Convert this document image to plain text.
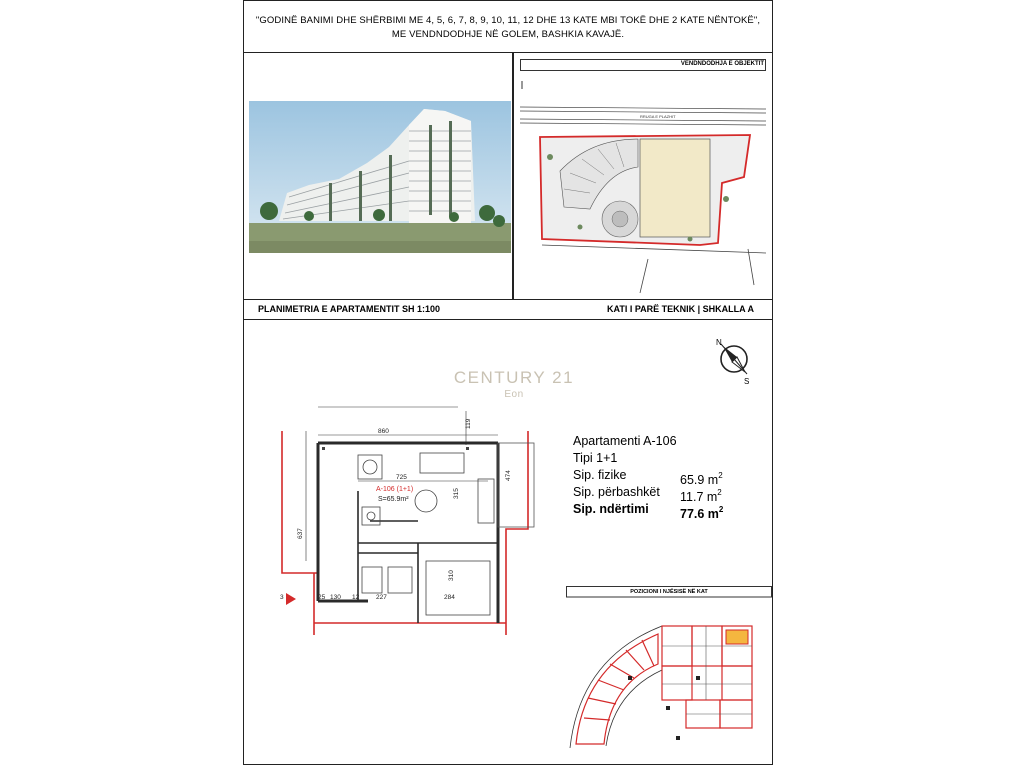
"GODINË BANIMI DHE SHËRBIMI ME 4, 5, 6, 7, 8, 9, 10, 11, 12 DHE 13 KATE MBI TOKË DHE 2 KATE NËNTOKË",
ME VENDNDODHJE NË GOLEM, BASHKIA KAVAJË.
RRUGA E PLAZHIT
VENDNDODHJA E OBJEKTIT
PLANIMETRIA E APARTAMENTIT SH 1:100	KATI I PARË TEKNIK | SHKALLA A
N
S
CENTURY 21
Eon
860
725
637
315
310
474
119
130	227	284
12
25
3
A-106 (1+1)
S=65.9m²
Apartamenti A-106
Tipi 1+1
Sip. fizike	65.9 $m^2$
Sip. përbashkët 11.7 $m^2$
Sip. ndërtimi	77.6 $m^2$
POZICIONI I NJËSISË NË KAT
